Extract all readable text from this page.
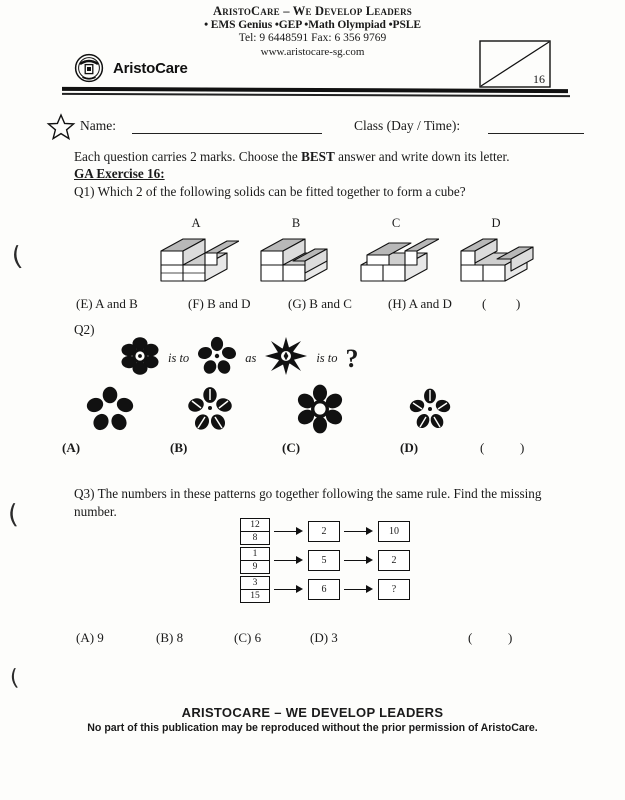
AristoCare – We Develop Leaders
• EMS Genius •GEP •Math Olympiad •PSLE
Tel: 9 6448591 Fax: 6 356 9769
www.aristocare-sg.com
AristoCare
16
Name:	Class (Day / Time):
Each question carries 2 marks. Choose the BEST answer and write down its letter.
GA Exercise 16:
Q1) Which 2 of the following solids can be fitted together to form a cube?
A	B	C	D
(E) A and B	(F) B and D	(G) B and C	(H) A and D ( )
Q2)
is to	as	is to ?
(A)	(B)	(C)	(D)	(	)
Q3) The numbers in these patterns go together following the same rule. Find the missing number.
12
8
2	10
1
9
5	2
3
15
6	?
(A) 9	(B) 8	(C) 6	(D) 3	(	)
ARISTOCARE – WE DEVELOP LEADERS
No part of this publication may be reproduced without the prior permission of AristoCare.
(
(
(
